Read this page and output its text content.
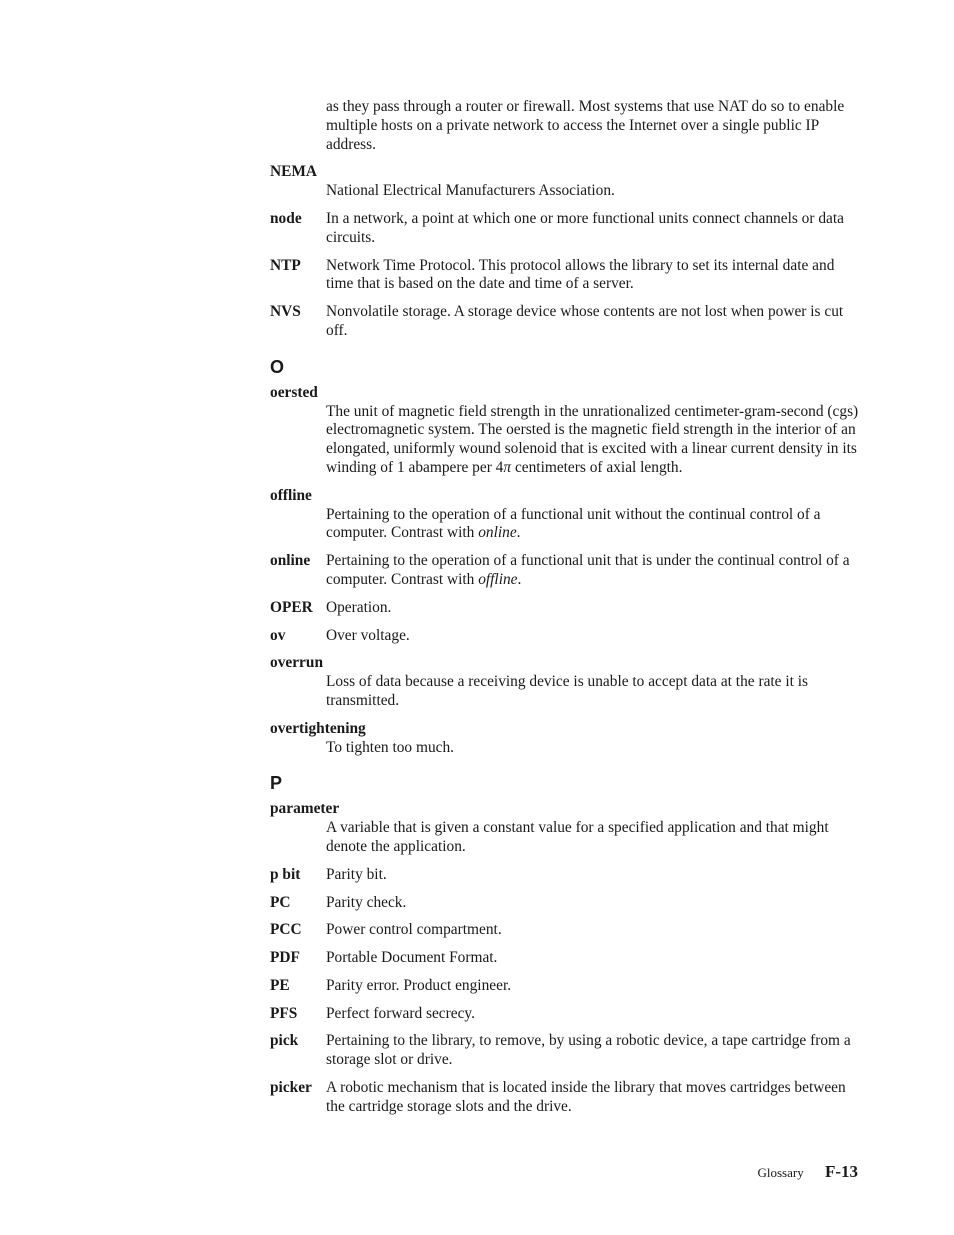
as they pass through a router or firewall. Most systems that use NAT do so to enable multiple hosts on a private network to access the Internet over a single public IP address.
NEMA
National Electrical Manufacturers Association.
node In a network, a point at which one or more functional units connect channels or data circuits.
NTP Network Time Protocol. This protocol allows the library to set its internal date and time that is based on the date and time of a server.
NVS Nonvolatile storage. A storage device whose contents are not lost when power is cut off.
O
oersted
The unit of magnetic field strength in the unrationalized centimeter-gram-second (cgs) electromagnetic system. The oersted is the magnetic field strength in the interior of an elongated, uniformly wound solenoid that is excited with a linear current density in its winding of 1 abampere per 4π centimeters of axial length.
offline
Pertaining to the operation of a functional unit without the continual control of a computer. Contrast with online.
online Pertaining to the operation of a functional unit that is under the continual control of a computer. Contrast with offline.
OPER Operation.
ov	Over voltage.
overrun
Loss of data because a receiving device is unable to accept data at the rate it is transmitted.
overtightening
To tighten too much.
P
parameter
A variable that is given a constant value for a specified application and that might denote the application.
p bit Parity bit.
PC Parity check.
PCC Power control compartment.
PDF Portable Document Format.
PE Parity error. Product engineer.
PFS Perfect forward secrecy.
pick Pertaining to the library, to remove, by using a robotic device, a tape cartridge from a storage slot or drive.
picker A robotic mechanism that is located inside the library that moves cartridges between the cartridge storage slots and the drive.
Glossary F-13
